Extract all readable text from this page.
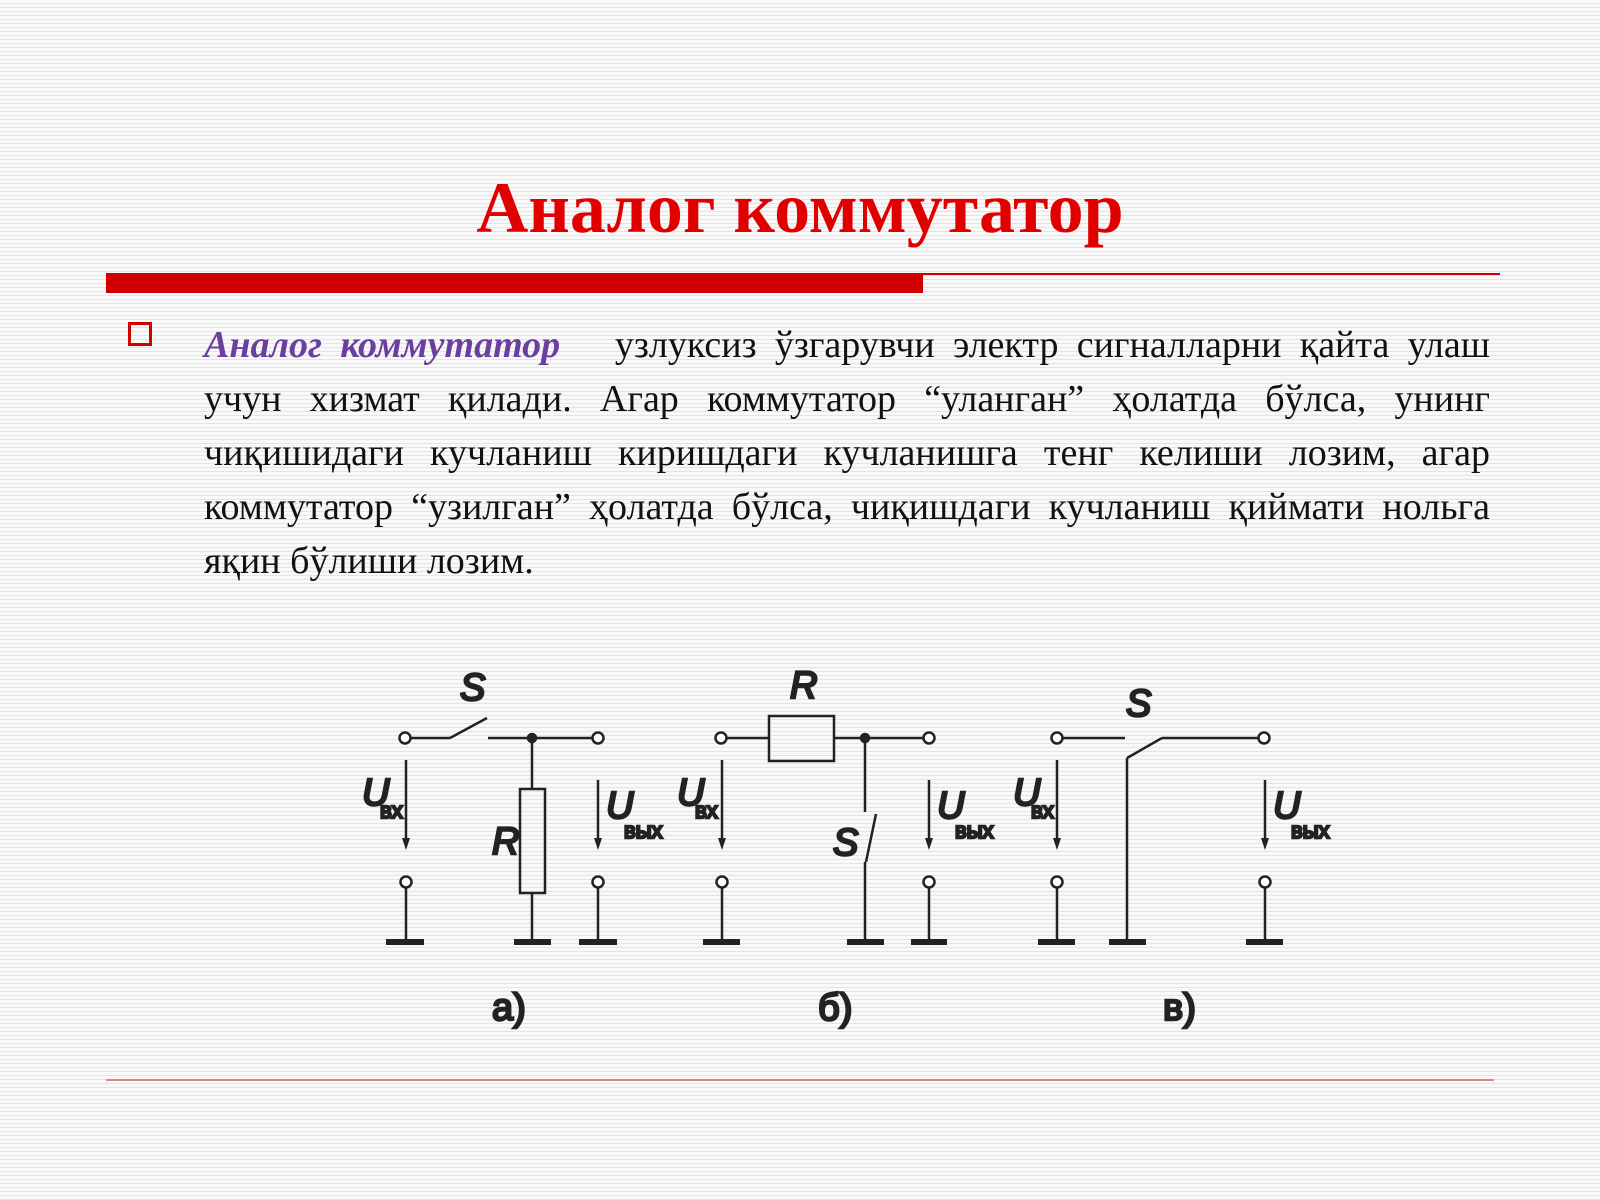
Аналог коммутатор

Аналог коммутатор узлуксиз ўзгарувчи электр сигналларни қайта улаш учун хизмат қилади. Агар коммутатор “уланган” ҳолатда бўлса, унинг чиқишидаги кучланиш киришдаги кучланишга тенг келиши лозим, агар коммутатор “узилган” ҳолатда бўлса, чиқишдаги кучланиш қиймати нольга яқин бўлиши лозим.

S
R
U
вх	U
вых
а)
R
S
U
вх	U
вых
б)
S
U
вх	U
вых
в)
